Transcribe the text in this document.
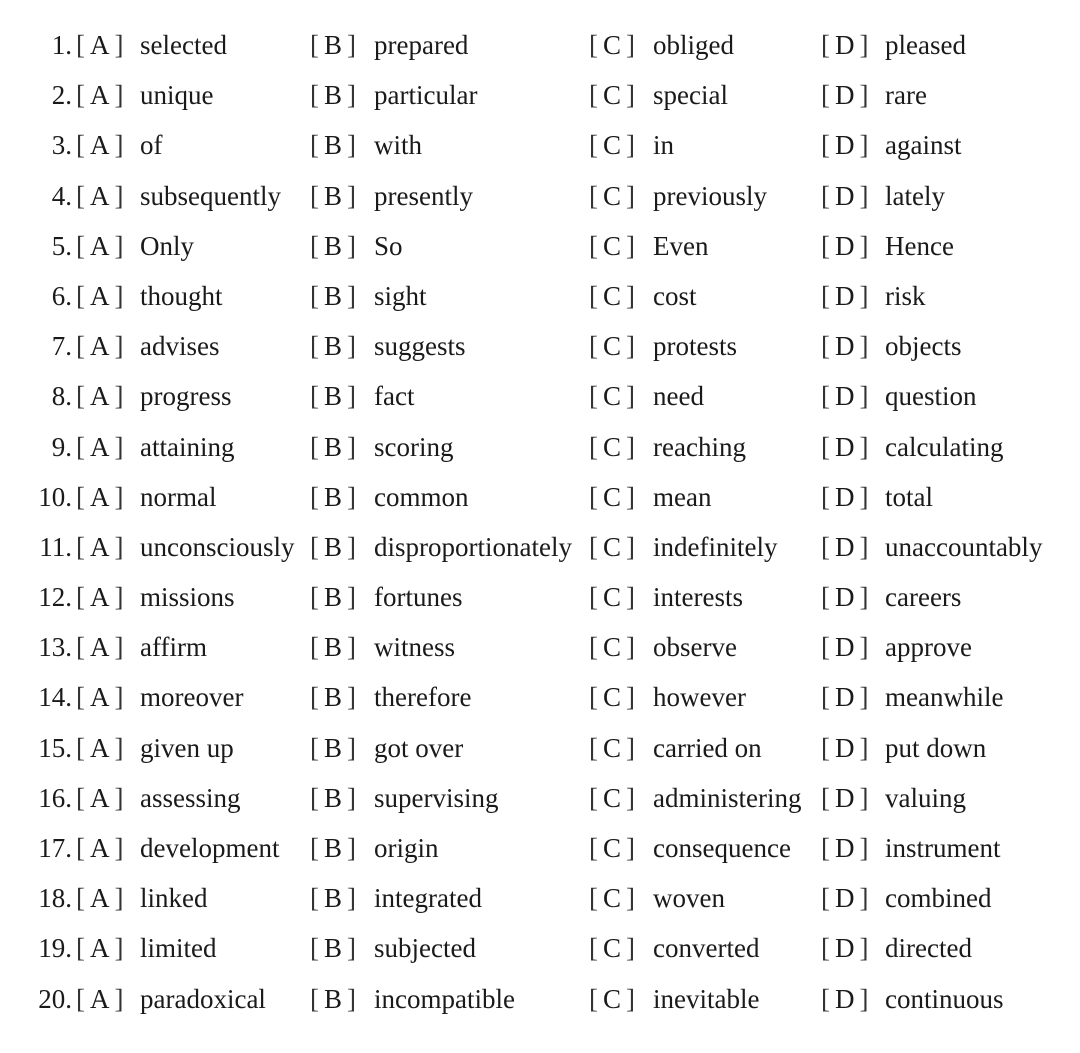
1. [ A ] selected	[ B ] prepared	[ C ] obliged	[ D ] pleased
2. [ A ] unique	[ B ] particular	[ C ] special	[ D ] rare
3. [ A ] of	[ B ] with	[ C ] in	[ D ] against
4. [ A ] subsequently [ B ] presently	[ C ] previously [ D ] lately
5. [ A ] Only	[ B ] So	[ C ] Even	[ D ] Hence
6. [ A ] thought	[ B ] sight	[ C ] cost	[ D ] risk
7. [ A ] advises	[ B ] suggests	[ C ] protests	[ D ] objects
8. [ A ] progress	[ B ] fact	[ C ] need	[ D ] question
9. [ A ] attaining	[ B ] scoring	[ C ] reaching	[ D ] calculating
10. [ A ] normal	[ B ] common	[ C ] mean	[ D ] total
11. [ A ] unconsciously [ B ] disproportionately [ C ] indefinitely [ D ] unaccountably
12. [ A ] missions	[ B ] fortunes	[ C ] interests	[ D ] careers
13. [ A ] affirm	[ B ] witness	[ C ] observe	[ D ] approve
14. [ A ] moreover [ B ] therefore	[ C ] however	[ D ] meanwhile
15. [ A ] given up	[ B ] got over	[ C ] carried on [ D ] put down
16. [ A ] assessing	[ B ] supervising	[ C ] administering [ D ] valuing
17. [ A ] development [ B ] origin	[ C ] consequence [ D ] instrument
18. [ A ] linked	[ B ] integrated	[ C ] woven	[ D ] combined
19. [ A ] limited	[ B ] subjected	[ C ] converted [ D ] directed
20. [ A ] paradoxical [ B ] incompatible	[ C ] inevitable [ D ] continuous
